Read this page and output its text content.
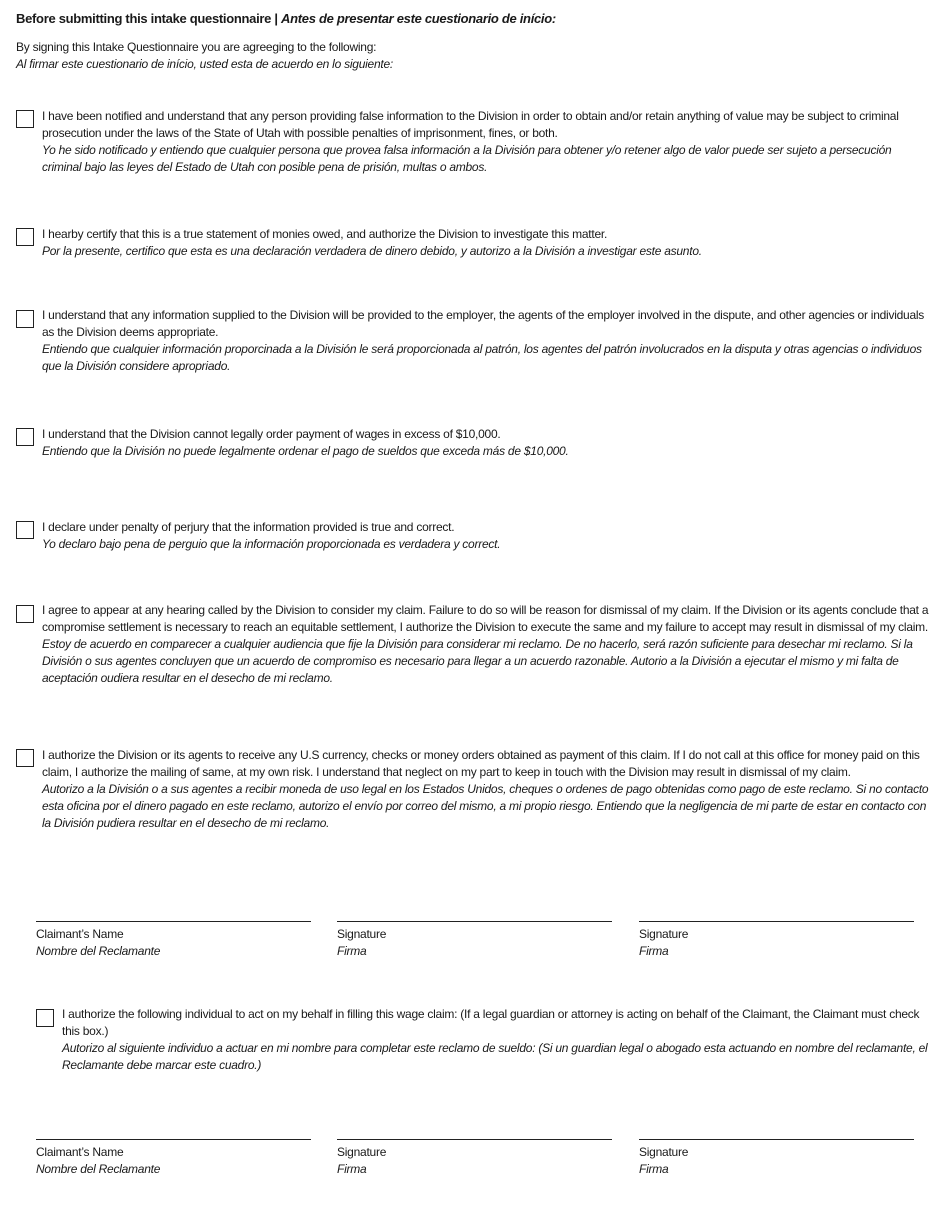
Before submitting this intake questionnaire | Antes de presentar este cuestionario de início:
By signing this Intake Questionnaire you are agreeging to the following:
Al firmar este cuestionario de início, usted esta de acuerdo en lo siguiente:
I have been notified and understand that any person providing false information to the Division in order to obtain and/or retain anything of value may be subject to criminal prosecution under the laws of the State of Utah with possible penalties of imprisonment, fines, or both.
Yo he sido notificado y entiendo que cualquier persona que provea falsa información a la División para obtener y/o retener algo de valor puede ser sujeto a persecución criminal bajo las leyes del Estado de Utah con posible pena de prisión, multas o ambos.
I hearby certify that this is a true statement of monies owed, and authorize the Division to investigate this matter.
Por la presente, certifico que esta es una declaración verdadera de dinero debido, y autorizo a la División a investigar este asunto.
I understand that any information supplied to the Division will be provided to the employer, the agents of the employer involved in the dispute, and other agencies or individuals as the Division deems appropriate.
Entiendo que cualquier información proporcinada a la División le será proporcionada al patrón, los agentes del patrón involucrados en la disputa y otras agencias o individuos que la División considere apropriado.
I understand that the Division cannot legally order payment of wages in excess of $10,000.
Entiendo que la División no puede legalmente ordenar el pago de sueldos que exceda más de $10,000.
I declare under penalty of perjury that the information provided is true and correct.
Yo declaro bajo pena de perguio que la información proporcionada es verdadera y correct.
I agree to appear at any hearing called by the Division to consider my claim. Failure to do so will be reason for dismissal of my claim. If the Division or its agents conclude that a compromise settlement is necessary to reach an equitable settlement, I authorize the Division to execute the same and my failure to accept may result in dismissal of my claim.
Estoy de acuerdo en comparecer a cualquier audiencia que fije la División para considerar mi reclamo. De no hacerlo, será razón suficiente para desechar mi reclamo. Si la División o sus agentes concluyen que un acuerdo de compromiso es necesario para llegar a un acuerdo razonable. Autorio a la División a ejecutar el mismo y mi falta de aceptación oudiera resultar en el desecho de mi reclamo.
I authorize the Division or its agents to receive any U.S currency, checks or money orders obtained as payment of this claim. If I do not call at this office for money paid on this claim, I authorize the mailing of same, at my own risk. I understand that neglect on my part to keep in touch with the Division may result in dismissal of my claim.
Autorizo a la División o a sus agentes a recibir moneda de uso legal en los Estados Unidos, cheques o ordenes de pago obtenidas como pago de este reclamo. Si no contacto esta oficina por el dinero pagado en este reclamo, autorizo el envío por correo del mismo, a mi propio riesgo. Entiendo que la negligencia de mi parte de estar en contacto con la División pudiera resultar en el desecho de mi reclamo.
Claimant’s Name
Nombre del Reclamante
Signature
Firma
Signature
Firma
I authorize the following individual to act on my behalf in filling this wage claim: (If a legal guardian or attorney is acting on behalf of the Claimant, the Claimant must check this box.)
Autorizo al siguiente individuo a actuar en mi nombre para completar este reclamo de sueldo: (Si un guardian legal o abogado esta actuando en nombre del reclamante, el Reclamante debe marcar este cuadro.)
Claimant’s Name
Nombre del Reclamante
Signature
Firma
Signature
Firma
